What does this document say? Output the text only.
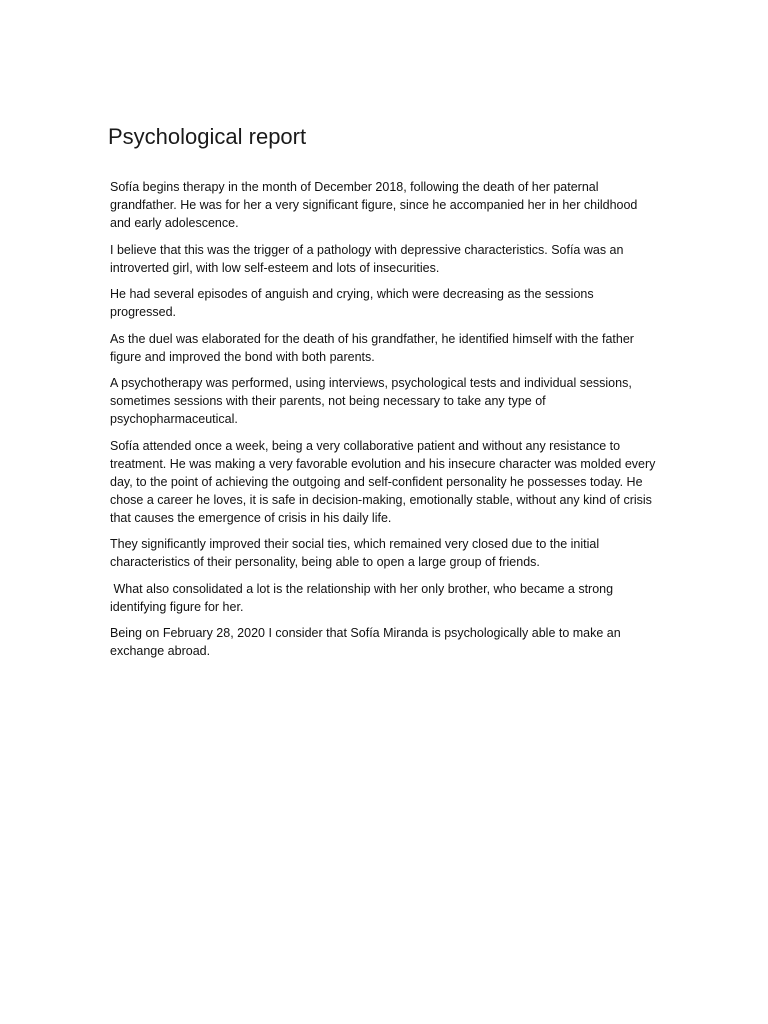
Psychological report

Sofía begins therapy in the month of December 2018, following the death of her paternal grandfather. He was for her a very significant figure, since he accompanied her in her childhood and early adolescence.

I believe that this was the trigger of a pathology with depressive characteristics. Sofía was an introverted girl, with low self-esteem and lots of insecurities.

He had several episodes of anguish and crying, which were decreasing as the sessions progressed.

As the duel was elaborated for the death of his grandfather, he identified himself with the father figure and improved the bond with both parents.

A psychotherapy was performed, using interviews, psychological tests and individual sessions, sometimes sessions with their parents, not being necessary to take any type of psychopharmaceutical.

Sofía attended once a week, being a very collaborative patient and without any resistance to treatment. He was making a very favorable evolution and his insecure character was molded every day, to the point of achieving the outgoing and self-confident personality he possesses today. He chose a career he loves, it is safe in decision-making, emotionally stable, without any kind of crisis that causes the emergence of crisis in his daily life.

They significantly improved their social ties, which remained very closed due to the initial characteristics of their personality, being able to open a large group of friends.

What also consolidated a lot is the relationship with her only brother, who became a strong identifying figure for her.

Being on February 28, 2020 I consider that Sofía Miranda is psychologically able to make an exchange abroad.
